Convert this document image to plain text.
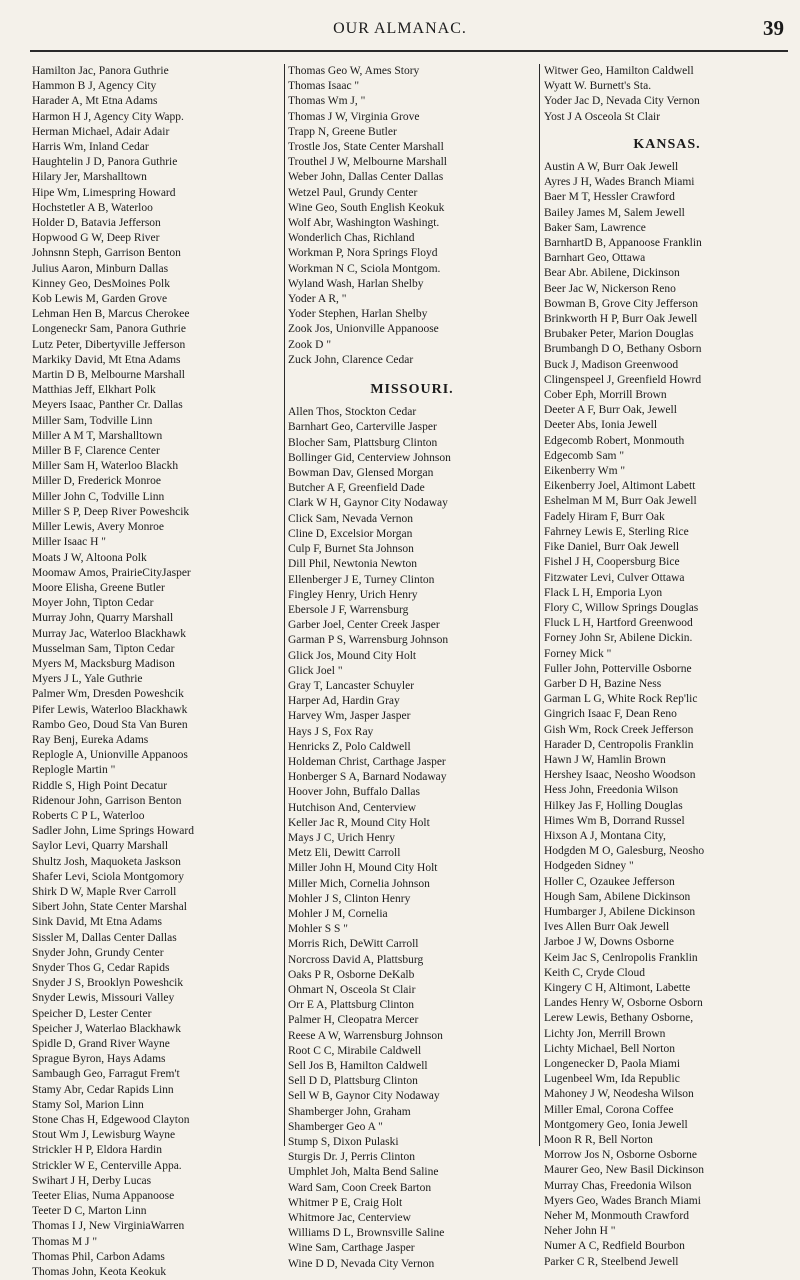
OUR ALMANAC.	39
Hamilton Jac, Panora Guthrie
Hammon B J, Agency City
Harader A, Mt Etna Adams
Harmon H J, Agency City Wapp.
Herman Michael, Adair Adair
Harris Wm, Inland Cedar
Haughtelin J D, Panora Guthrie
Hilary Jer, Marshalltown
Hipe Wm, Limespring Howard
Hochstetler A B, Waterloo
Holder D, Batavia Jefferson
Hopwood G W, Deep River
Johnsnn Steph, Garrison Benton
Julius Aaron, Minburn Dallas
Kinney Geo, DesMoines Polk
Kob Lewis M, Garden Grove
Lehman Hen B, Marcus Cherokee
Longeneckr Sam, Panora Guthrie
Lutz Peter, Dibertyville Jefferson
Markiky David, Mt Etna Adams
Martin D B, Melbourne Marshall
Matthias Jeff, Elkhart Polk
Meyers Isaac, Panther Cr. Dallas
Miller Sam, Todville Linn
Miller A M T, Marshalltown
Miller B F, Clarence Center
Miller Sam H, Waterloo Blackh
Miller D, Frederick Monroe
Miller John C, Todville Linn
Miller S P, Deep River Poweshcik
Miller Lewis, Avery Monroe
Miller Isaac H "
Moats J W, Altoona Polk
Moomaw Amos, PrairieCityJasper
Moore Elisha, Greene Butler
Moyer John, Tipton Cedar
Murray John, Quarry Marshall
Murray Jac, Waterloo Blackhawk
Musselman Sam, Tipton Cedar
Myers M, Macksburg Madison
Myers J L, Yale Guthrie
Palmer Wm, Dresden Poweshcik
Pifer Lewis, Waterloo Blackhawk
Rambo Geo, Doud Sta Van Buren
Ray Benj, Eureka Adams
Replogle A, Unionville Appanoos
Replogle Martin "
Riddle S, High Point Decatur
Ridenour John, Garrison Benton
Roberts C P L, Waterloo
Sadler John, Lime Springs Howard
Saylor Levi, Quarry Marshall
Shultz Josh, Maquoketa Jaskson
Shafer Levi, Sciola Montgomory
Shirk D W, Maple Rver Carroll
Sibert John, State Center Marshal
Sink David, Mt Etna Adams
Sissler M, Dallas Center Dallas
Snyder John, Grundy Center
Snyder Thos G, Cedar Rapids
Snyder J S, Brooklyn Poweshcik
Snyder Lewis, Missouri Valley
Speicher D, Lester Center
Speicher J, Waterlao Blackhawk
Spidle D, Grand River Wayne
Sprague Byron, Hays Adams
Sambaugh Geo, Farragut Frem't
Stamy Abr, Cedar Rapids Linn
Stamy Sol, Marion Linn
Stone Chas H, Edgewood Clayton
Stout Wm J, Lewisburg Wayne
Strickler H P, Eldora Hardin
Strickler W E, Centerville Appa.
Swihart J H, Derby Lucas
Teeter Elias, Numa Appanoose
Teeter D C, Marton Linn
Thomas I J, New VirginiaWarren
Thomas M J "
Thomas Phil, Carbon Adams
Thomas John, Keota Keokuk
Thomas Geo W, Ames Story
Thomas Isaac "
Thomas Wm J, "
Thomas J W, Virginia Grove
Trapp N, Greene Butler
Trostle Jos, State Center Marshall
Trouthel J W, Melbourne Marshall
Weber John, Dallas Center Dallas
Wetzel Paul, Grundy Center
Wine Geo, South English Keokuk
Wolf Abr, Washington Washingt.
Wonderlich Chas, Richland
Workman P, Nora Springs Floyd
Workman N C, Sciola Montgom.
Wyland Wash, Harlan Shelby
Yoder A R, "
Yoder Stephen, Harlan Shelby
Zook Jos, Unionville Appanoose
Zook D "
Zuck John, Clarence Cedar
MISSOURI.
Allen Thos, Stockton Cedar
Barnhart Geo, Carterville Jasper
Blocher Sam, Plattsburg Clinton
Bollinger Gid, Centerview Johnson
Bowman Dav, Glensed Morgan
Butcher A F, Greenfield Dade
Clark W H, Gaynor City Nodaway
Click Sam, Nevada Vernon
Cline D, Excelsior Morgan
Culp F, Burnet Sta Johnson
Dill Phil, Newtonia Newton
Ellenberger J E, Turney Clinton
Fingley Henry, Urich Henry
Ebersole J F, Warrensburg
Garber Joel, Center Creek Jasper
Garman P S, Warrensburg Johnson
Glick Jos, Mound City Holt
Glick Joel "
Gray T, Lancaster Schuyler
Harper Ad, Hardin Gray
Harvey Wm, Jasper Jasper
Hays J S, Fox Ray
Henricks Z, Polo Caldwell
Holdeman Christ, Carthage Jasper
Honberger S A, Barnard Nodaway
Hoover John, Buffalo Dallas
Hutchison And, Centerview
Keller Jac R, Mound City Holt
Mays J C, Urich Henry
Metz Eli, Dewitt Carroll
Miller John H, Mound City Holt
Miller Mich, Cornelia Johnson
Mohler J S, Clinton Henry
Mohler J M, Cornelia
Mohler S S "
Morris Rich, DeWitt Carroll
Norcross David A, Plattsburg
Oaks P R, Osborne DeKalb
Ohmart N, Osceola St Clair
Orr E A, Plattsburg Clinton
Palmer H, Cleopatra Mercer
Reese A W, Warrensburg Johnson
Root C C, Mirabile Caldwell
Sell Jos B, Hamilton Caldwell
Sell D D, Plattsburg Clinton
Sell W B, Gaynor City Nodaway
Shamberger John, Graham
Shamberger Geo A "
Stump S, Dixon Pulaski
Sturgis Dr. J, Perris Clinton
Umphlet Joh, Malta Bend Saline
Ward Sam, Coon Creek Barton
Whitmer P E, Craig Holt
Whitmore Jac, Centerview
Williams D L, Brownsville Saline
Wine Sam, Carthage Jasper
Wine D D, Nevada City Vernon
Witwer Geo, Hamilton Caldwell
Wyatt W. Burnett's Sta.
Yoder Jac D, Nevada City Vernon
Yost J A Osceola St Clair
KANSAS.
Austin A W, Burr Oak Jewell
Ayres J H, Wades Branch Miami
Baer M T, Hessler Crawford
Bailey James M, Salem Jewell
Baker Sam, Lawrence
BarnhartD B, Appanoose Franklin
Barnhart Geo, Ottawa
Bear Abr. Abilene, Dickinson
Beer Jac W, Nickerson Reno
Bowman B, Grove City Jefferson
Brinkworth H P, Burr Oak Jewell
Brubaker Peter, Marion Douglas
Brumbangh D O, Bethany Osborn
Buck J, Madison Greenwood
Clingenspeel J, Greenfield Howrd
Cober Eph, Morrill Brown
Deeter A F, Burr Oak, Jewell
Deeter Abs, Ionia Jewell
Edgecomb Robert, Monmouth
Edgecomb Sam "
Eikenberry Wm "
Eikenberry Joel, Altimont Labett
Eshelman M M, Burr Oak Jewell
Fadely Hiram F, Burr Oak
Fahrney Lewis E, Sterling Rice
Fike Daniel, Burr Oak Jewell
Fishel J H, Coopersburg Bice
Fitzwater Levi, Culver Ottawa
Flack L H, Emporia Lyon
Flory C, Willow Springs Douglas
Fluck L H, Hartford Greenwood
Forney John Sr, Abilene Dickin.
Forney Mick "
Fuller John, Potterville Osborne
Garber D H, Bazine Ness
Garman L G, White Rock Rep'lic
Gingrich Isaac F, Dean Reno
Gish Wm, Rock Creek Jefferson
Harader D, Centropolis Franklin
Hawn J W, Hamlin Brown
Hershey Isaac, Neosho Woodson
Hess John, Freedonia Wilson
Hilkey Jas F, Holling Douglas
Himes Wm B, Dorrand Russel
Hixson A J, Montana City,
Hodgden M O, Galesburg, Neosho
Hodgeden Sidney "
Holler C, Ozaukee Jefferson
Hough Sam, Abilene Dickinson
Humbarger J, Abilene Dickinson
Ives Allen Burr Oak Jewell
Jarboe J W, Downs Osborne
Keim Jac S, Cenlropolis Franklin
Keith C, Cryde Cloud
Kingery C H, Altimont, Labette
Landes Henry W, Osborne Osborn
Lerew Lewis, Bethany Osborne,
Lichty Jon, Merrill Brown
Lichty Michael, Bell Norton
Longenecker D, Paola Miami
Lugenbeel Wm, Ida Republic
Mahoney J W, Neodesha Wilson
Miller Emal, Corona Coffee
Montgomery Geo, Ionia Jewell
Moon R R, Bell Norton
Morrow Jos N, Osborne Osborne
Maurer Geo, New Basil Dickinson
Murray Chas, Freedonia Wilson
Myers Geo, Wades Branch Miami
Neher M, Monmouth Crawford
Neher John H "
Numer A C, Redfield Bourbon
Parker C R, Steelbend Jewell
